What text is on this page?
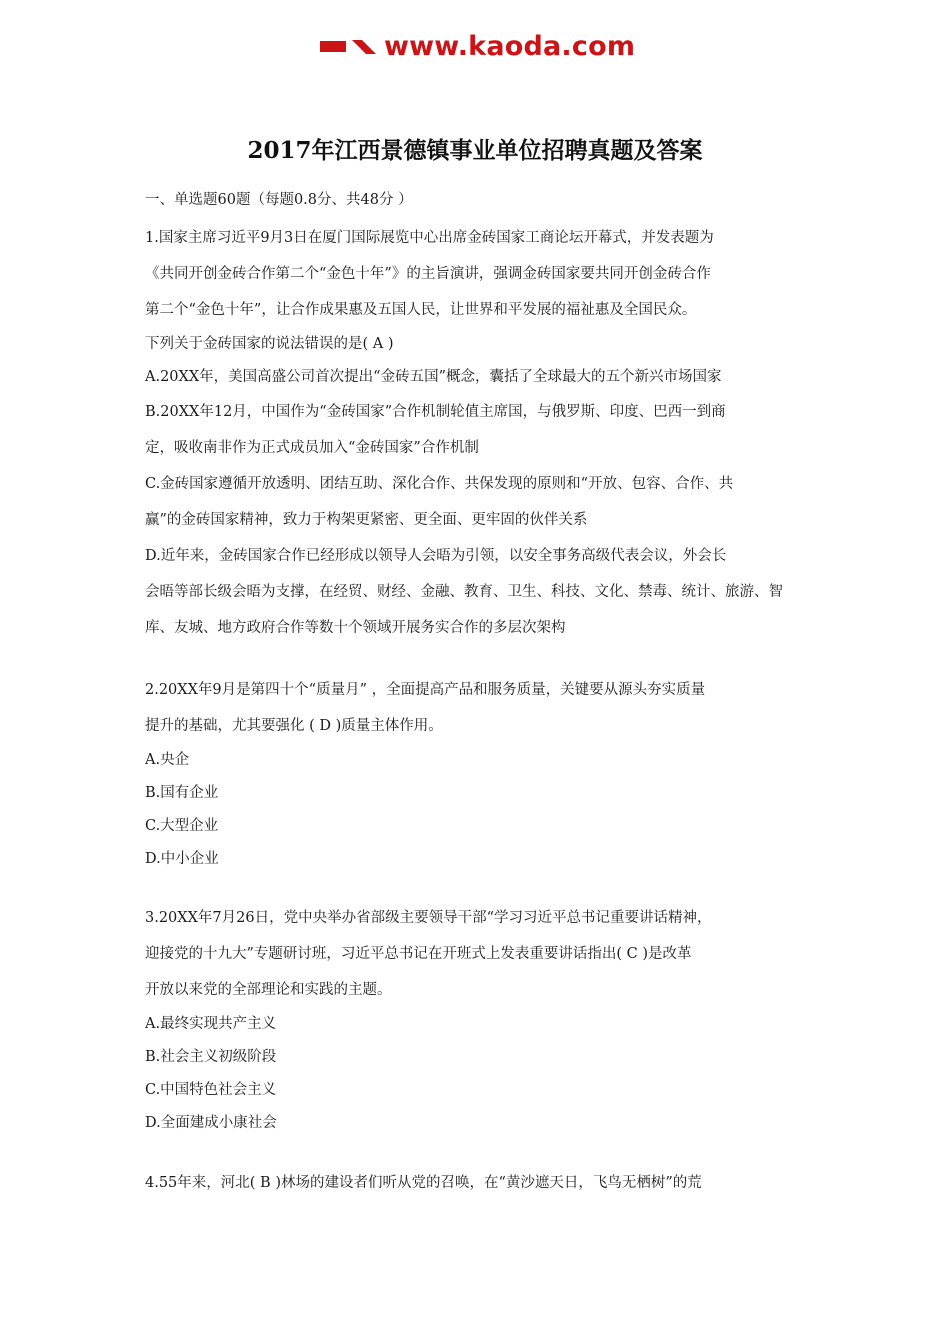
www.kaoda.com
2017年江西景德镇事业单位招聘真题及答案

一、单选题60题（每题0.8分、共48分 ）

1.国家主席习近平9月3日在厦门国际展览中心出席金砖国家工商论坛开幕式，并发表题为

《共同开创金砖合作第二个“金色十年”》的主旨演讲，强调金砖国家要共同开创金砖合作

第二个“金色十年”，让合作成果惠及五国人民，让世界和平发展的福祉惠及全国民众。

下列关于金砖国家的说法错误的是( A )

A.20XX年，美国高盛公司首次提出“金砖五国”概念，囊括了全球最大的五个新兴市场国家

B.20XX年12月，中国作为“金砖国家”合作机制轮值主席国，与俄罗斯、印度、巴西一到商

定，吸收南非作为正式成员加入“金砖国家”合作机制

C.金砖国家遵循开放透明、团结互助、深化合作、共保发现的原则和“开放、包容、合作、共

赢”的金砖国家精神，致力于构架更紧密、更全面、更牢固的伙伴关系

D.近年来，金砖国家合作已经形成以领导人会晤为引领，以安全事务高级代表会议，外会长

会晤等部长级会晤为支撑，在经贸、财经、金融、教育、卫生、科技、文化、禁毒、统计、旅游、智

库、友城、地方政府合作等数十个领域开展务实合作的多层次架构

2.20XX年9月是第四十个“质量月” ，全面提高产品和服务质量，关键要从源头夯实质量

提升的基础，尤其要强化 ( D )质量主体作用。

A.央企

B.国有企业

C.大型企业

D.中小企业

3.20XX年7月26日，党中央举办省部级主要领导干部“学习习近平总书记重要讲话精神，

迎接党的十九大”专题研讨班，习近平总书记在开班式上发表重要讲话指出( C )是改革

开放以来党的全部理论和实践的主题。

A.最终实现共产主义

B.社会主义初级阶段

C.中国特色社会主义

D.全面建成小康社会

4.55年来，河北( B )林场的建设者们听从党的召唤，在“黄沙遮天日，飞鸟无栖树”的荒
